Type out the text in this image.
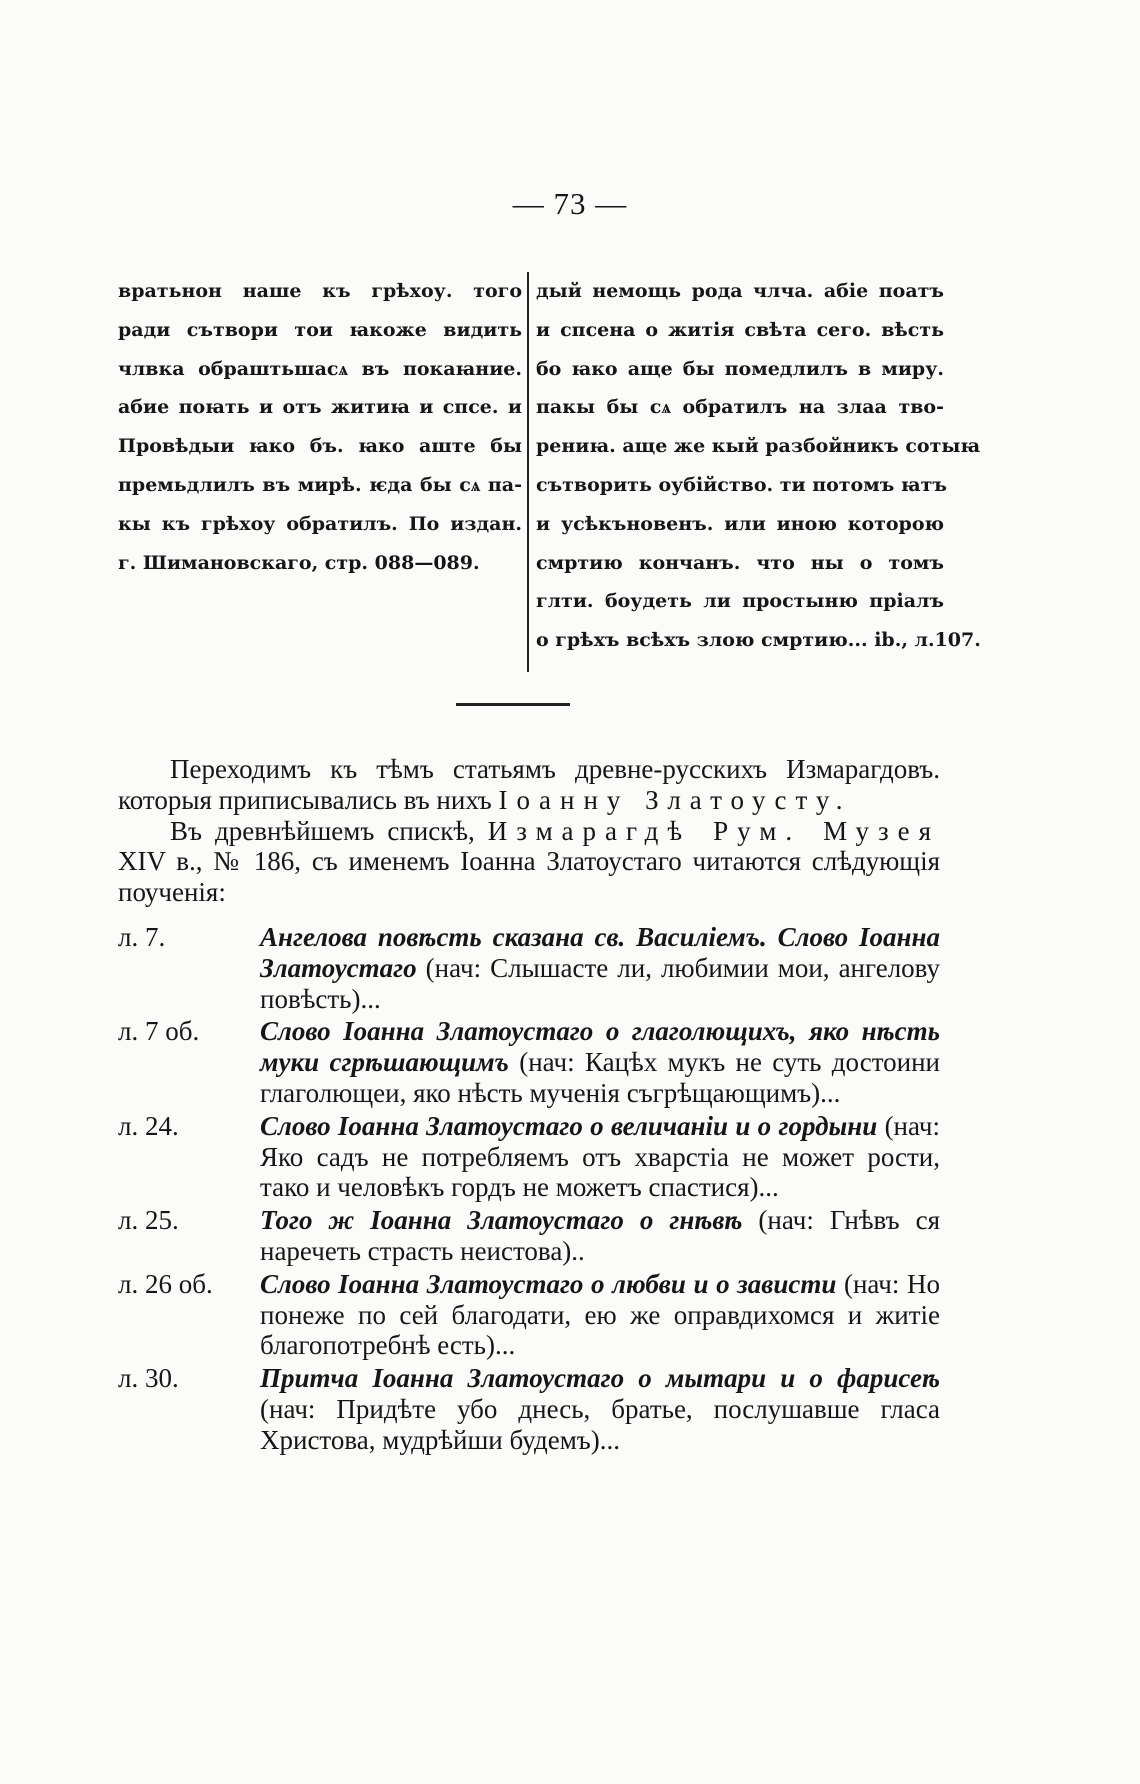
— 73 —
вратьнон наше къ грѣхоу. того
ради сътвори тои ꙗкоже видить
члвка обраштьшасѧ въ покаꙗние.
абие поꙗть и отъ житиꙗ и спсе. и
Провѣдыи ꙗко бъ. ꙗко аште бы
премьдлилъ въ мирѣ. ѥда бы сѧ па-
кы къ грѣхоу обратилъ. По издан.
г. Шимановскаго, стр. 088—089.
дый немощь рода члча. абіе поатъ
и спсена о житія свѣта сего. вѣсть
бо ꙗко аще бы помедлилъ в миру.
пакы бы сѧ обратилъ на злаа тво-
рениꙗ. аще же кый разбойникъ сотыꙗ
сътворить оубійство. ти потомъ ꙗтъ
и усѣкъновенъ. или иною которою
смртию кончанъ. что ны о томъ
глти. боудеть ли простыню пріалъ
о грѣхъ всѣхъ злою смртию... ib., л.107.

Переходимъ къ тѣмъ статьямъ древне-русскихъ Измарагдовъ. которыя приписывались въ нихъ Іоанну Златоусту.

Въ древнѣйшемъ спискѣ, Измарагдѣ Рум. Музея XIV в., № 186, съ именемъ Іоанна Златоустаго читаются слѣдующія поученія:

л. 7.	Ангелова повѣсть сказана св. Василіемъ. Слово Іоанна Златоустаго (нач: Слышасте ли, любимии мои, ангелову повѣсть)...

л. 7 об.	Слово Іоанна Златоустаго о глаголющихъ, яко нѣсть муки сгрѣшающимъ (нач: Кацѣх мукъ не суть достоини глаголющеи, яко нѣсть мученія съгрѣщающимъ)...

л. 24.	Слово Іоанна Златоустаго о величаніи и о гордыни (нач: Яко садъ не потребляемъ отъ хварстіа не может рости, тако и человѣкъ гордъ не можетъ спастися)...

л. 25.	Того ж Іоанна Златоустаго о гнѣвѣ (нач: Гнѣвъ ся наречеть страсть неистова)..

л. 26 об.	Слово Іоанна Златоустаго о любви и о зависти (нач: Но понеже по сей благодати, ею же оправдихомся и житіе благопотребнѣ есть)...

л. 30.	Притча Іоанна Златоустаго о мытари и о фарисеѣ (нач: Придѣте убо днесь, братье, послушавше гласа Христова, мудрѣйши будемъ)...
